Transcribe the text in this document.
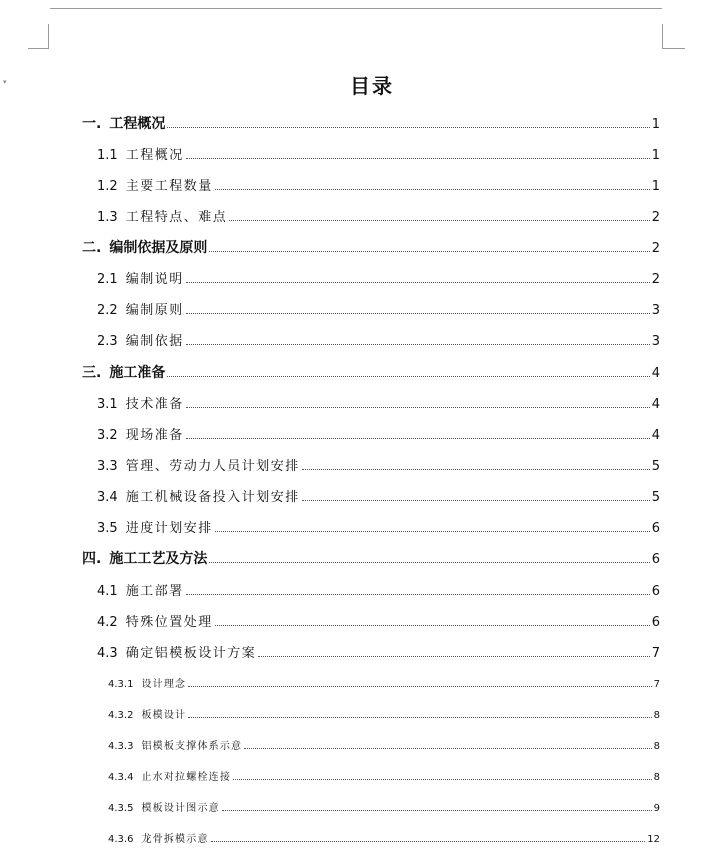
▾	目录
一. 工程概况	1
1.1 工程概况	1
1.2 主要工程数量	1
1.3 工程特点、难点	2
二. 编制依据及原则	2
2.1 编制说明	2
2.2 编制原则	3
2.3 编制依据	3
三. 施工准备	4
3.1 技术准备	4
3.2 现场准备	4
3.3 管理、劳动力人员计划安排	5
3.4 施工机械设备投入计划安排	5
3.5 进度计划安排	6
四. 施工工艺及方法	6
4.1 施工部署	6
4.2 特殊位置处理	6
4.3 确定铝模板设计方案	7
4.3.1 设计理念	7
4.3.2 板模设计	8
4.3.3 铝模板支撑体系示意	8
4.3.4 止水对拉螺栓连接	8
4.3.5 模板设计图示意	9
4.3.6 龙骨拆模示意	12
